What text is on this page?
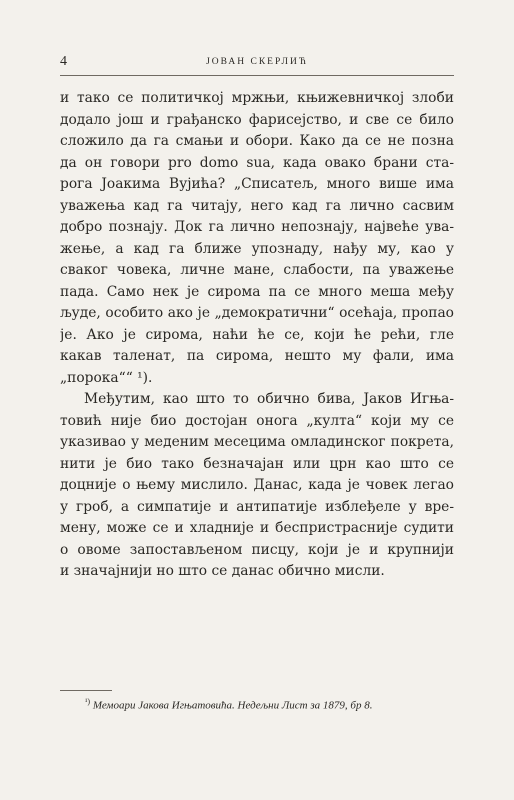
4	ЈОВАН СКЕРЛИЋ
и тако се политичкој мржњи, књижевничкој злоби
додало још и грађанско фарисејство, и све се било
сложило да га смањи и обори. Како да се не позна
да он говори pro domo sua, када овако брани ста-
рога Јоакима Вујића? „Списатељ, много више има
уважења кад га читају, него кад га лично сасвим
добро познају. Док га лично непознају, највеће ува-
жење, а кад га ближе упознаду, нађу му, као у
сваког човека, личне мане, слабости, па уважење
пада. Само нек је сирома па се много меша међу
људе, особито ако је „демократични“ осећаја, пропао
је. Ако је сирома, наћи ће се, који ће рећи, гле
какав таленат, па сирома, нешто му фали, има
„порока““ ¹).
Међутим, као што то обично бива, Јаков Игња-
товић није био достојан онога „култа“ који му се
указивао у меденим месецима омладинског покрета,
нити је био тако безначајан или црн као што се
доцније о њему мислило. Данас, када је човек легао
у гроб, а симпатије и антипатије изблеђеле у вре-
мену, може се и хладније и беспристрасније судити
о овоме запостављеном писцу, који је и крупнији
и значајнији но што се данас обично мисли.
$^{^1)}$ Мемоари Јакова Игњатовића. Недељни Лист за 1879, бр 8.
